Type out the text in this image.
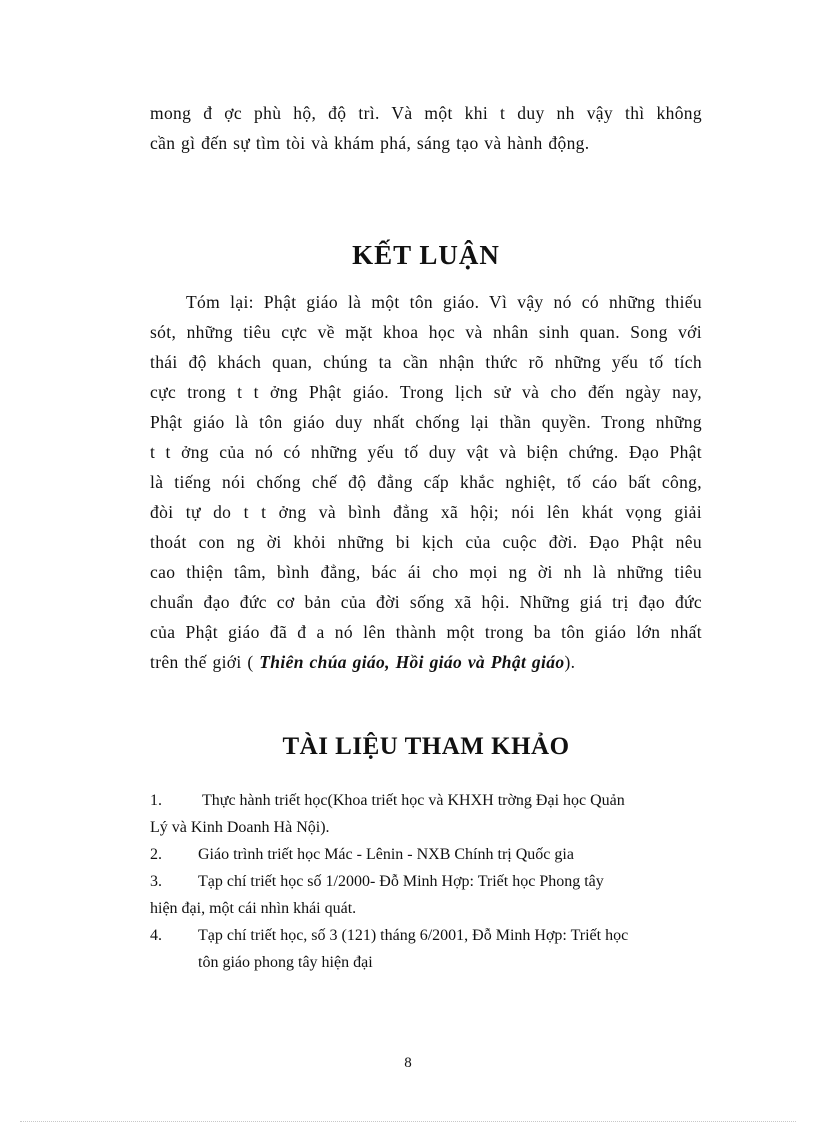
mong đ ợc phù hộ, độ trì. Và một khi t duy nh vậy thì không
cần gì đến sự tìm tòi và khám phá, sáng tạo và hành động.
KẾT LUẬN
Tóm lại: Phật giáo là một tôn giáo. Vì vậy nó có những thiếu
sót, những tiêu cực về mặt khoa học và nhân sinh quan. Song với
thái độ khách quan, chúng ta cần nhận thức rõ những yếu tố tích
cực trong t t ởng Phật giáo. Trong lịch sử và cho đến ngày nay,
Phật giáo là tôn giáo duy nhất chống lại thần quyền. Trong những
t t ởng của nó có những yếu tố duy vật và biện chứng. Đạo Phật
là tiếng nói chống chế độ đẳng cấp khắc nghiệt, tố cáo bất công,
đòi tự do t t ởng và bình đẳng xã hội; nói lên khát vọng giải
thoát con ng ời khỏi những bi kịch của cuộc đời. Đạo Phật nêu
cao thiện tâm, bình đẳng, bác ái cho mọi ng ời nh là những tiêu
chuẩn đạo đức cơ bản của đời sống xã hội. Những giá trị đạo đức
của Phật giáo đã đ a nó lên thành một trong ba tôn giáo lớn nhất
trên thế giới ( Thiên chúa giáo, Hồi giáo và Phật giáo).
TÀI LIỆU THAM KHẢO
1.	Thực hành triết học(Khoa triết học và KHXH trờng Đại học Quản
Lý và Kinh Doanh Hà Nội).
2.	Giáo trình triết học Mác - Lênin - NXB Chính trị Quốc gia
3.	Tạp chí triết học số 1/2000- Đỗ Minh Hợp: Triết học Phong tây
hiện đại, một cái nhìn khái quát.
4.	Tạp chí triết học, số 3 (121) tháng 6/2001, Đỗ Minh Hợp: Triết học
tôn giáo phong tây hiện đại
8
